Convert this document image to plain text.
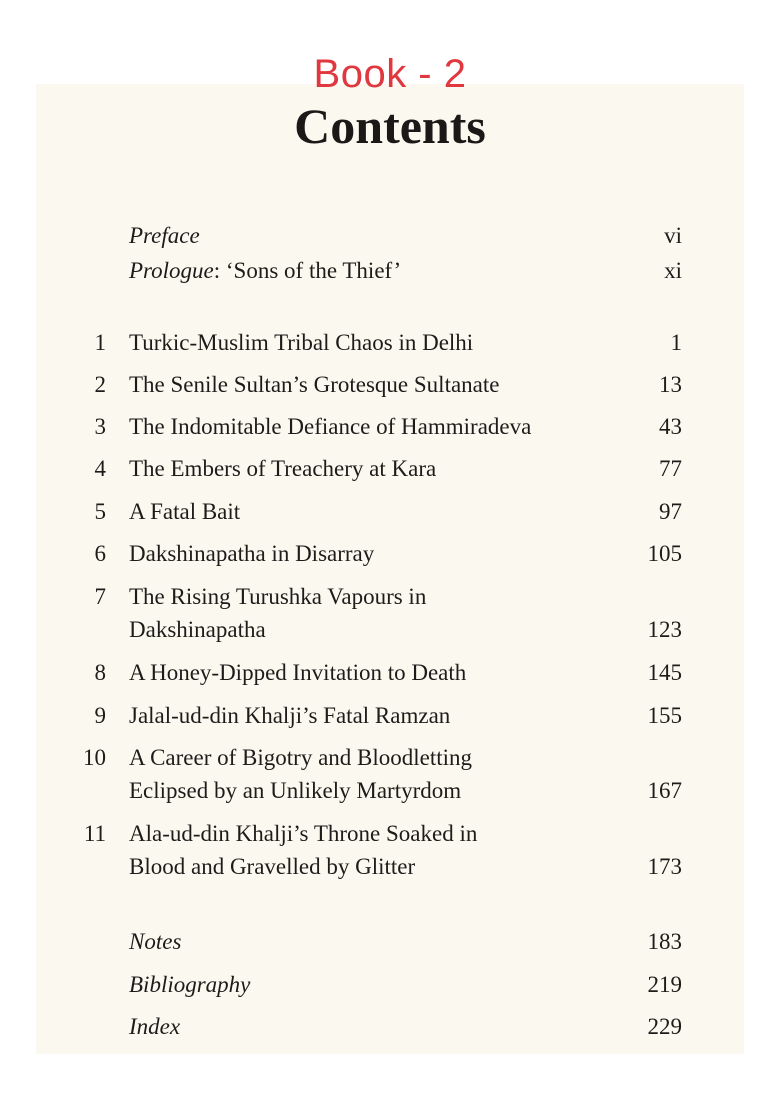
Book - 2
Contents
Preface	vi
Prologue: ‘Sons of the Thief’	xi
1 Turkic-Muslim Tribal Chaos in Delhi	1
2 The Senile Sultan’s Grotesque Sultanate	13
3 The Indomitable Defiance of Hammiradeva	43
4 The Embers of Treachery at Kara	77
5 A Fatal Bait	97
6 Dakshinapatha in Disarray	105
7 The Rising Turushka Vapours in
Dakshinapatha	123
8 A Honey-Dipped Invitation to Death	145
9 Jalal-ud-din Khalji’s Fatal Ramzan	155
10 A Career of Bigotry and Bloodletting
Eclipsed by an Unlikely Martyrdom	167
11 Ala-ud-din Khalji’s Throne Soaked in
Blood and Gravelled by Glitter	173
Notes	183
Bibliography	219
Index	229
